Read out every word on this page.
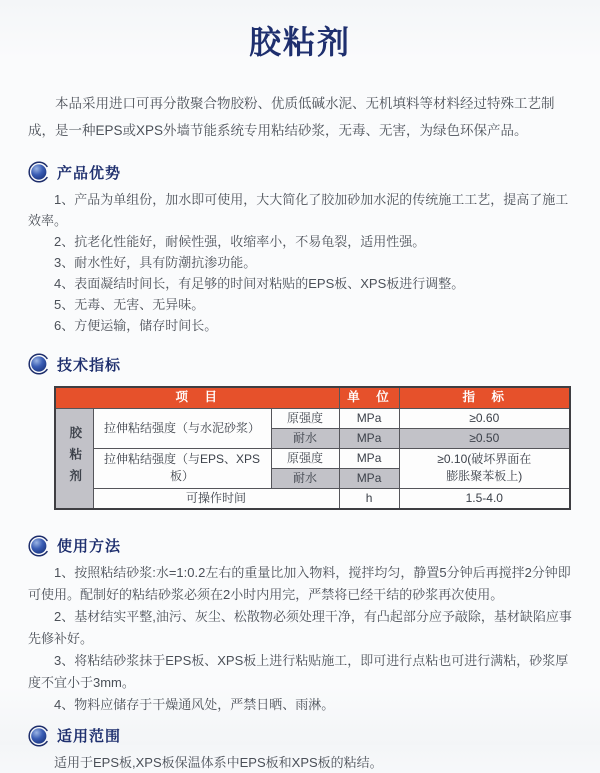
胶粘剂

本品采用进口可再分散聚合物胶粉、优质低碱水泥、无机填料等材料经过特殊工艺制成，是一种EPS或XPS外墙节能系统专用粘结砂浆，无毒、无害，为绿色环保产品。

产品优势
1、产品为单组份，加水即可使用，大大简化了胶加砂加水泥的传统施工工艺，提高了施工效率。
2、抗老化性能好，耐候性强，收缩率小，不易龟裂，适用性强。
3、耐水性好，具有防潮抗渗功能。
4、表面凝结时间长，有足够的时间对粘贴的EPS板、XPS板进行调整。
5、无毒、无害、无异味。
6、方便运输，储存时间长。
技术指标
项　目			单　位	指　标

胶粘剂	拉伸粘结强度（与水泥砂浆）	原强度	MPa	≥0.60
		耐水	MPa	≥0.50
	拉伸粘结强度（与EPS、XPS板）	原强度	MPa	≥0.10(破坏界面在
膨胀聚苯板上)

		耐水	MPa	
	可操作时间		h	1.5-4.0
使用方法

1、按照粘结砂浆:水=1:0.2左右的重量比加入物料，搅拌均匀，静置5分钟后再搅拌2分钟即可使用。配制好的粘结砂浆必须在2小时内用完，严禁将已经干结的砂浆再次使用。

2、基材结实平整,油污、灰尘、松散物必须处理干净，有凸起部分应予敲除，基材缺陷应事先修补好。

3、将粘结砂浆抹于EPS板、XPS板上进行粘贴施工，即可进行点粘也可进行满粘，砂浆厚度不宜小于3mm。

4、物料应储存于干燥通风处，严禁日晒、雨淋。

适用范围

适用于EPS板,XPS板保温体系中EPS板和XPS板的粘结。
